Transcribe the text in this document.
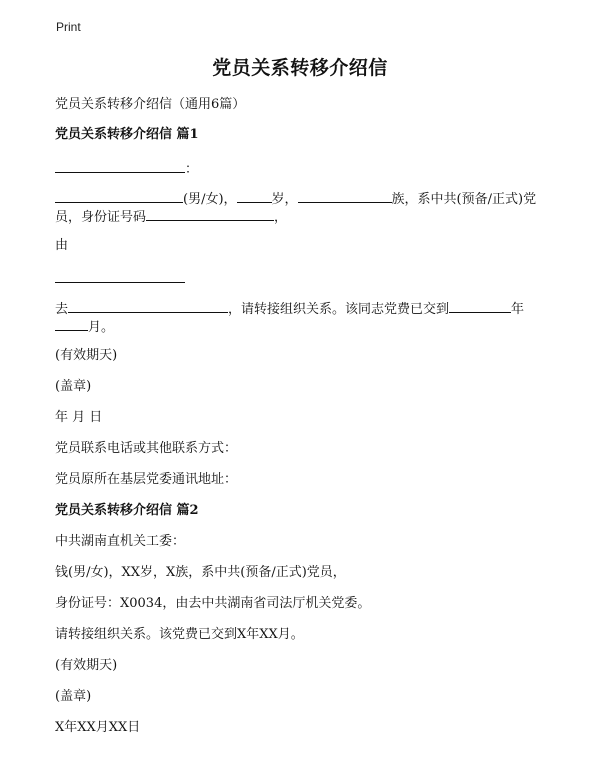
Print
党员关系转移介绍信
党员关系转移介绍信（通用6篇）
党员关系转移介绍信 篇1
：
(男/女)，	岁，	族，系中共(预备/正式)党
员，身份证号码	，
由
去	，请转接组织关系。该同志党费已交到	年
月。
(有效期天)
(盖章)
年 月 日
党员联系电话或其他联系方式：
党员原所在基层党委通讯地址：
党员关系转移介绍信 篇2
中共湖南直机关工委：
钱(男/女)，XX岁，X族，系中共(预备/正式)党员，
身份证号：X0034，由去中共湖南省司法厅机关党委。
请转接组织关系。该党费已交到X年XX月。
(有效期天)
(盖章)
X年XX月XX日
